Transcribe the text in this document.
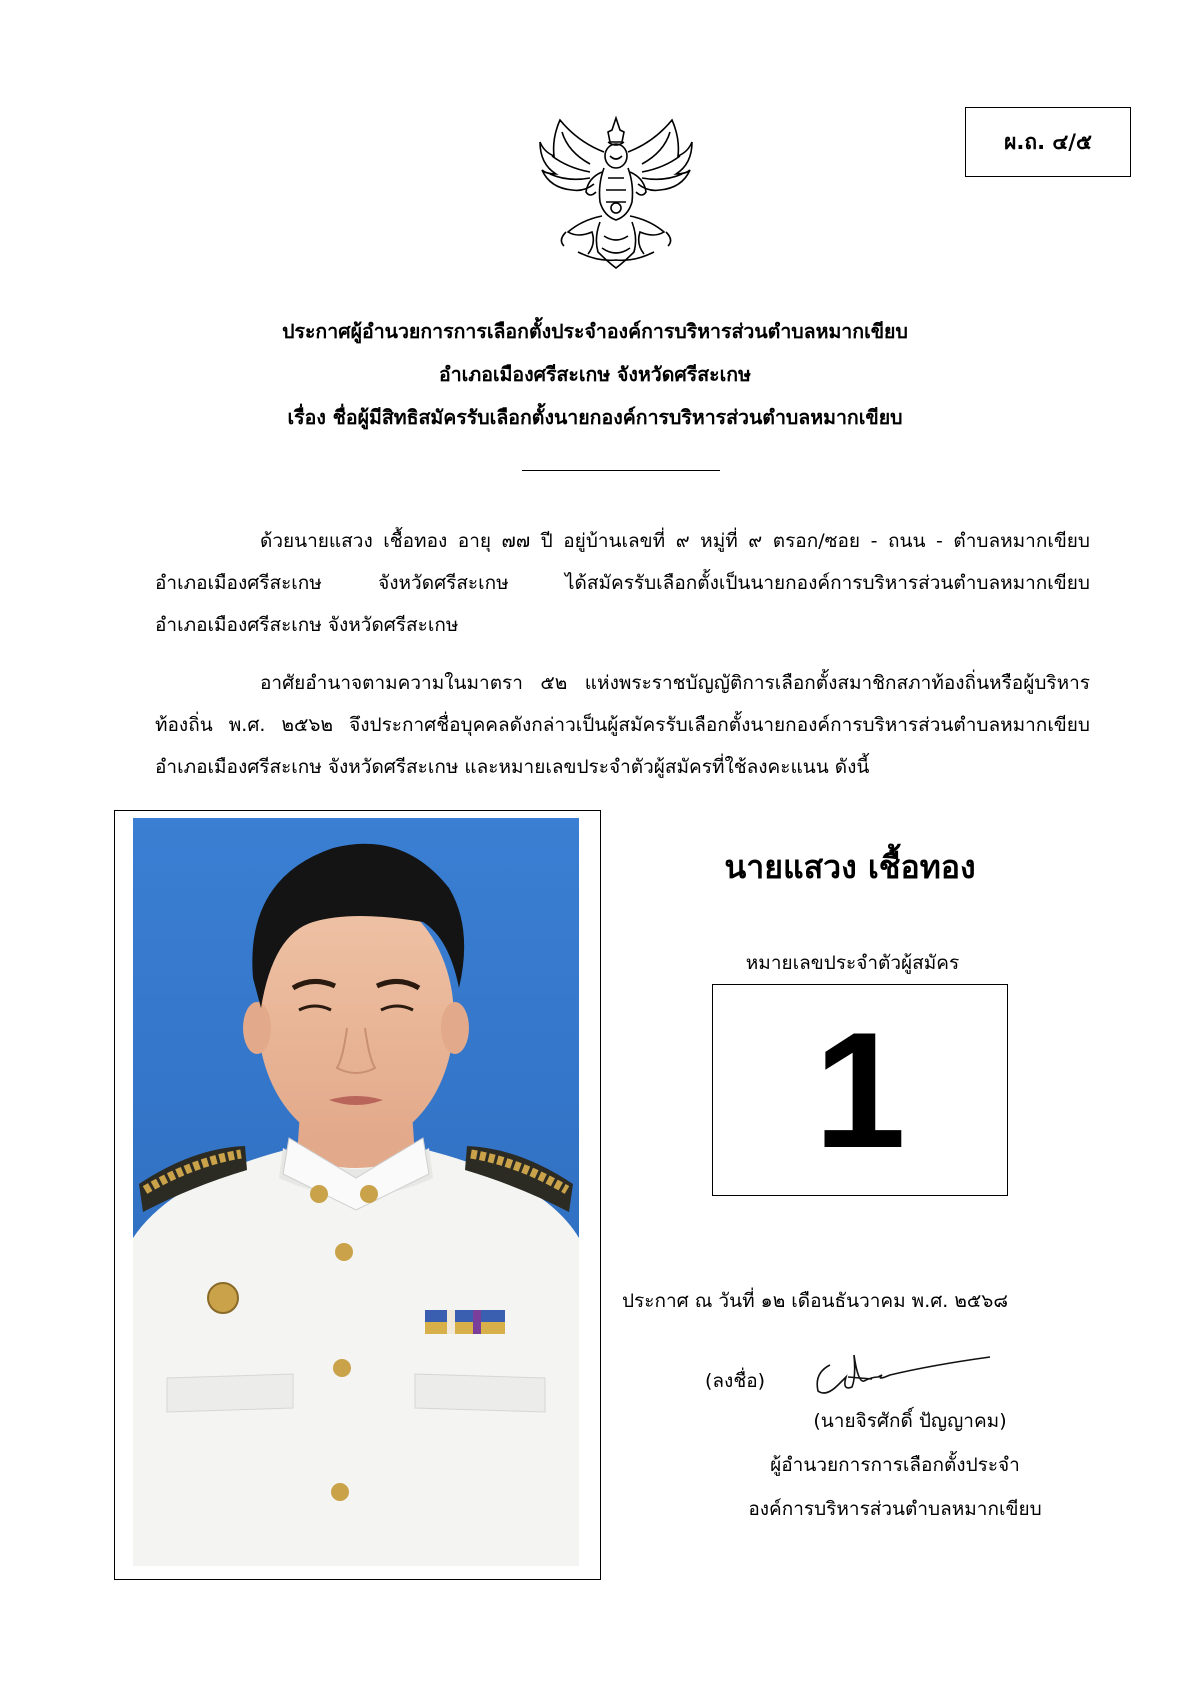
ผ.ถ. ๔/๕
ประกาศผู้อำนวยการการเลือกตั้งประจำองค์การบริหารส่วนตำบลหมากเขียบ
อำเภอเมืองศรีสะเกษ จังหวัดศรีสะเกษ
เรื่อง ชื่อผู้มีสิทธิสมัครรับเลือกตั้งนายกองค์การบริหารส่วนตำบลหมากเขียบ
ด้วยนายแสวง เชื้อทอง อายุ ๗๗ ปี อยู่บ้านเลขที่ ๙ หมู่ที่ ๙ ตรอก/ซอย - ถนน - ตำบลหมากเขียบ
อำเภอเมืองศรีสะเกษ จังหวัดศรีสะเกษ ได้สมัครรับเลือกตั้งเป็นนายกองค์การบริหารส่วนตำบลหมากเขียบ
อำเภอเมืองศรีสะเกษ จังหวัดศรีสะเกษ
อาศัยอำนาจตามความในมาตรา ๕๒ แห่งพระราชบัญญัติการเลือกตั้งสมาชิกสภาท้องถิ่นหรือผู้บริหาร
ท้องถิ่น พ.ศ. ๒๕๖๒ จึงประกาศชื่อบุคคลดังกล่าวเป็นผู้สมัครรับเลือกตั้งนายกองค์การบริหารส่วนตำบลหมากเขียบ
อำเภอเมืองศรีสะเกษ จังหวัดศรีสะเกษ และหมายเลขประจำตัวผู้สมัครที่ใช้ลงคะแนน ดังนี้
นายแสวง เชื้อทอง
หมายเลขประจำตัวผู้สมัคร
1
ประกาศ ณ วันที่ ๑๒ เดือนธันวาคม พ.ศ. ๒๕๖๘
(ลงชื่อ)
(นายจิรศักดิ์ ปัญญาคม)
ผู้อำนวยการการเลือกตั้งประจำ
องค์การบริหารส่วนตำบลหมากเขียบ
